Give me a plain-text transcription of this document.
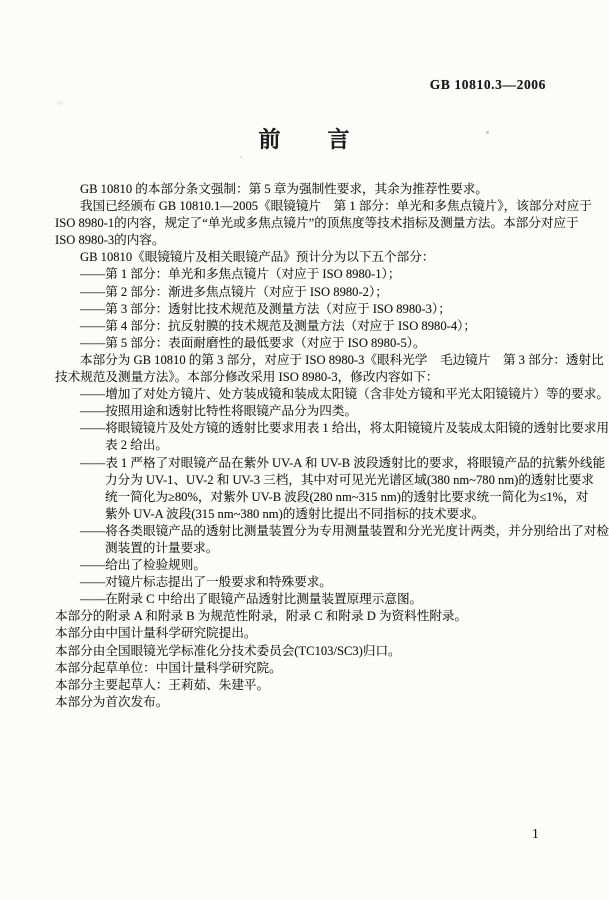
GB 10810.3—2006
前　　言
GB 10810 的本部分条文强制：第 5 章为强制性要求，其余为推荐性要求。
我国已经颁布 GB 10810.1—2005《眼镜镜片　第 1 部分：单光和多焦点镜片》，该部分对应于
ISO 8980-1的内容，规定了“单光或多焦点镜片”的顶焦度等技术指标及测量方法。本部分对应于
ISO 8980-3的内容。
GB 10810《眼镜镜片及相关眼镜产品》预计分为以下五个部分：
——第 1 部分：单光和多焦点镜片（对应于 ISO 8980-1）；
——第 2 部分：渐进多焦点镜片（对应于 ISO 8980-2）；
——第 3 部分：透射比技术规范及测量方法（对应于 ISO 8980-3）；
——第 4 部分：抗反射膜的技术规范及测量方法（对应于 ISO 8980-4）；
——第 5 部分：表面耐磨性的最低要求（对应于 ISO 8980-5）。
本部分为 GB 10810 的第 3 部分，对应于 ISO 8980-3《眼科光学　毛边镜片　第 3 部分：透射比
技术规范及测量方法》。本部分修改采用 ISO 8980-3，修改内容如下：
——增加了对处方镜片、处方装成镜和装成太阳镜（含非处方镜和平光太阳镜镜片）等的要求。
——按照用途和透射比特性将眼镜产品分为四类。
——将眼镜镜片及处方镜的透射比要求用表 1 给出，将太阳镜镜片及装成太阳镜的透射比要求用
表 2 给出。
——表 1 严格了对眼镜产品在紫外 UV-A 和 UV-B 波段透射比的要求，将眼镜产品的抗紫外线能
力分为 UV-1、UV-2 和 UV-3 三档，其中对可见光光谱区域(380 nm~780 nm)的透射比要求
统一简化为≥80%，对紫外 UV-B 波段(280 nm~315 nm)的透射比要求统一简化为≤1%，对
紫外 UV-A 波段(315 nm~380 nm)的透射比提出不同指标的技术要求。
——将各类眼镜产品的透射比测量装置分为专用测量装置和分光光度计两类，并分别给出了对检
测装置的计量要求。
——给出了检验规则。
——对镜片标志提出了一般要求和特殊要求。
——在附录 C 中给出了眼镜产品透射比测量装置原理示意图。
本部分的附录 A 和附录 B 为规范性附录，附录 C 和附录 D 为资料性附录。
本部分由中国计量科学研究院提出。
本部分由全国眼镜光学标准化分技术委员会(TC103/SC3)归口。
本部分起草单位：中国计量科学研究院。
本部分主要起草人：王莉茹、朱建平。
本部分为首次发布。
1
